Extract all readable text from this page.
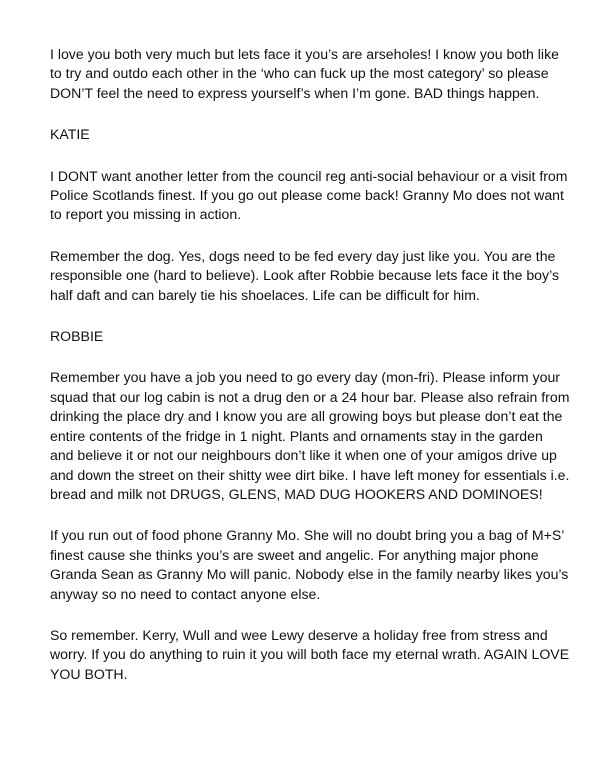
I love you both very much but lets face it you’s are arseholes! I know you both like to try and outdo each other in the ‘who can fuck up the most category’ so please DON’T feel the need to express yourself’s when I’m gone. BAD things happen.

KATIE

I DONT want another letter from the council reg anti-social behaviour or a visit from Police Scotlands finest. If you go out please come back! Granny Mo does not want to report you missing in action.

Remember the dog. Yes, dogs need to be fed every day just like you. You are the responsible one (hard to believe). Look after Robbie because lets face it the boy’s half daft and can barely tie his shoelaces. Life can be difficult for him.

ROBBIE

Remember you have a job you need to go every day (mon-fri). Please inform your squad that our log cabin is not a drug den or a 24 hour bar. Please also refrain from drinking the place dry and I know you are all growing boys but please don’t eat the entire contents of the fridge in 1 night. Plants and ornaments stay in the garden and believe it or not our neighbours don’t like it when one of your amigos drive up and down the street on their shitty wee dirt bike. I have left money for essentials i.e. bread and milk not DRUGS, GLENS, MAD DUG HOOKERS AND DOMINOES!

If you run out of food phone Granny Mo. She will no doubt bring you a bag of M+S’ finest cause she thinks you’s are sweet and angelic. For anything major phone Granda Sean as Granny Mo will panic. Nobody else in the family nearby likes you’s anyway so no need to contact anyone else.

So remember. Kerry, Wull and wee Lewy deserve a holiday free from stress and worry. If you do anything to ruin it you will both face my eternal wrath. AGAIN LOVE YOU BOTH.
